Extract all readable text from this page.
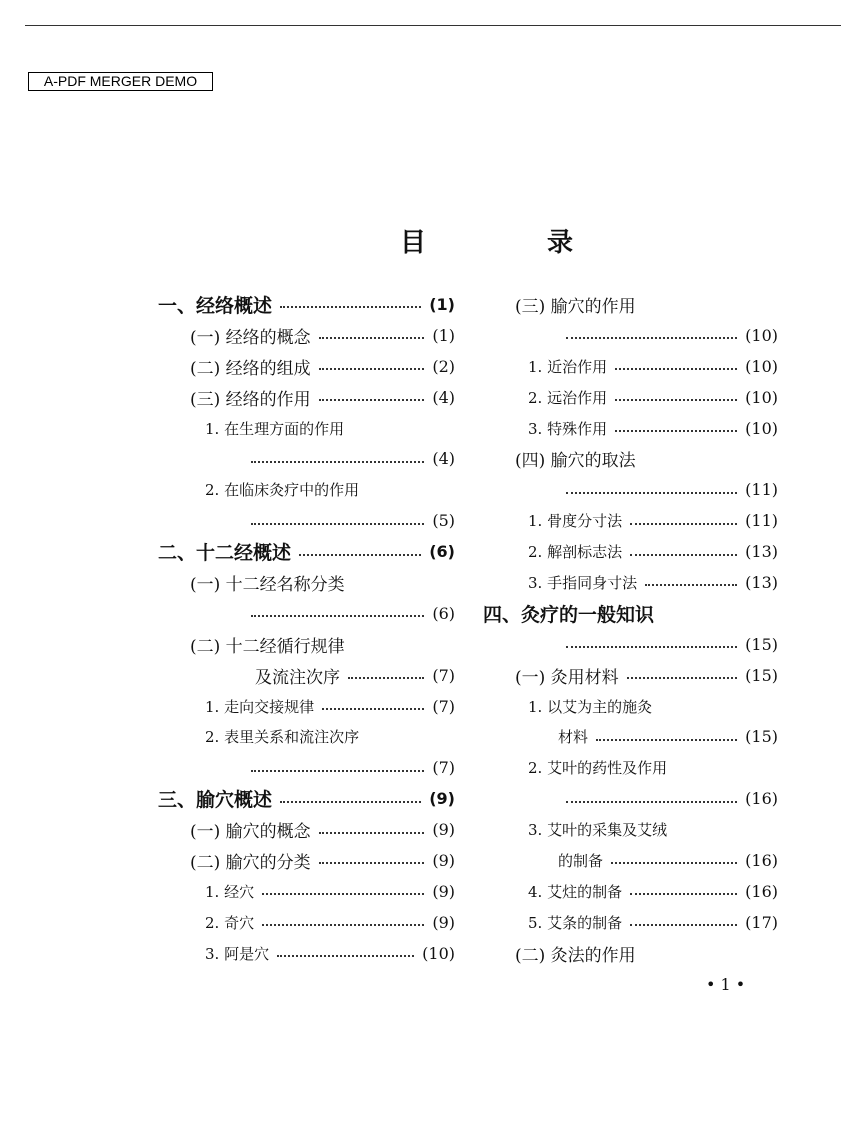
A-PDF MERGER DEMO
目 录
一、经络概述	(1)
(一) 经络的概念	(1)
(二) 经络的组成	(2)
(三) 经络的作用	(4)
1. 在生理方面的作用
(4)
2. 在临床灸疗中的作用
(5)
二、十二经概述	(6)
(一) 十二经名称分类
(6)
(二) 十二经循行规律
及流注次序	(7)
1. 走向交接规律	(7)
2. 表里关系和流注次序
(7)
三、腧穴概述	(9)
(一) 腧穴的概念	(9)
(二) 腧穴的分类	(9)
1. 经穴	(9)
2. 奇穴	(9)
3. 阿是穴	(10)
(三) 腧穴的作用
(10)
1. 近治作用	(10)
2. 远治作用	(10)
3. 特殊作用	(10)
(四) 腧穴的取法
(11)
1. 骨度分寸法	(11)
2. 解剖标志法	(13)
3. 手指同身寸法	(13)
四、灸疗的一般知识
(15)
(一) 灸用材料	(15)
1. 以艾为主的施灸
材料	(15)
2. 艾叶的药性及作用
(16)
3. 艾叶的采集及艾绒
的制备	(16)
4. 艾炷的制备	(16)
5. 艾条的制备	(17)
(二) 灸法的作用
• 1 •
